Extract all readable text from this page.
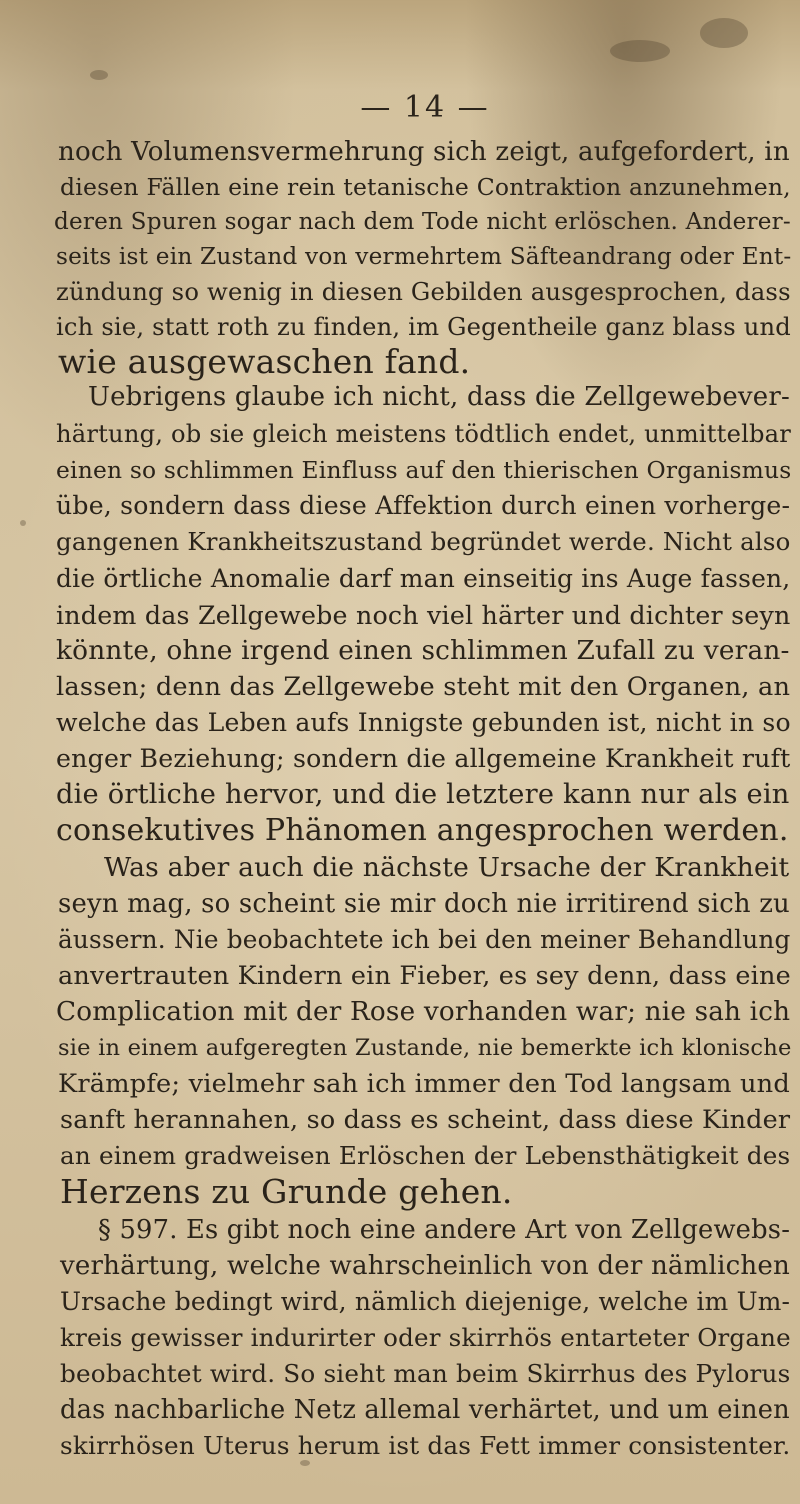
— 14 —
noch Volumensvermehrung sich zeigt, aufgefordert, in
diesen Fällen eine rein tetanische Contraktion anzunehmen,
deren Spuren sogar nach dem Tode nicht erlöschen. Anderer-
seits ist ein Zustand von vermehrtem Säfteandrang oder Ent-
zündung so wenig in diesen Gebilden ausgesprochen, dass
ich sie, statt roth zu finden, im Gegentheile ganz blass und
wie ausgewaschen fand.
Uebrigens glaube ich nicht, dass die Zellgewebever-
härtung, ob sie gleich meistens tödtlich endet, unmittelbar
einen so schlimmen Einfluss auf den thierischen Organismus
übe, sondern dass diese Affektion durch einen vorherge-
gangenen Krankheitszustand begründet werde. Nicht also
die örtliche Anomalie darf man einseitig ins Auge fassen,
indem das Zellgewebe noch viel härter und dichter seyn
könnte, ohne irgend einen schlimmen Zufall zu veran-
lassen; denn das Zellgewebe steht mit den Organen, an
welche das Leben aufs Innigste gebunden ist, nicht in so
enger Beziehung; sondern die allgemeine Krankheit ruft
die örtliche hervor, und die letztere kann nur als ein
consekutives Phänomen angesprochen werden.
Was aber auch die nächste Ursache der Krankheit
seyn mag, so scheint sie mir doch nie irritirend sich zu
äussern. Nie beobachtete ich bei den meiner Behandlung
anvertrauten Kindern ein Fieber, es sey denn, dass eine
Complication mit der Rose vorhanden war; nie sah ich
sie in einem aufgeregten Zustande, nie bemerkte ich klonische
Krämpfe; vielmehr sah ich immer den Tod langsam und
sanft herannahen, so dass es scheint, dass diese Kinder
an einem gradweisen Erlöschen der Lebensthätigkeit des
Herzens zu Grunde gehen.
§ 597. Es gibt noch eine andere Art von Zellgewebs-
verhärtung, welche wahrscheinlich von der nämlichen
Ursache bedingt wird, nämlich diejenige, welche im Um-
kreis gewisser indurirter oder skirrhös entarteter Organe
beobachtet wird. So sieht man beim Skirrhus des Pylorus
das nachbarliche Netz allemal verhärtet, und um einen
skirrhösen Uterus herum ist das Fett immer consistenter.
